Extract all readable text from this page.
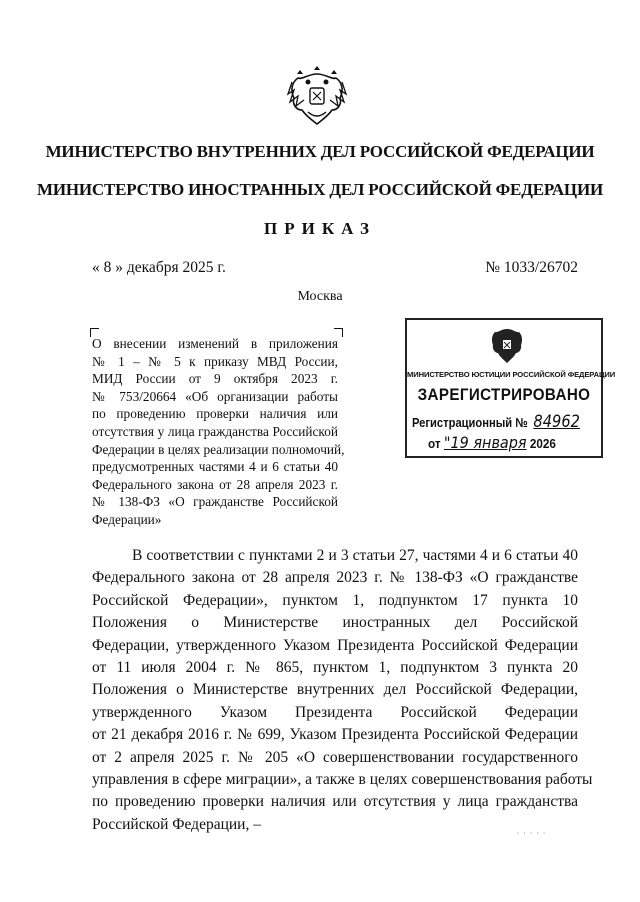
МИНИСТЕРСТВО ВНУТРЕННИХ ДЕЛ РОССИЙСКОЙ ФЕДЕРАЦИИ
МИНИСТЕРСТВО ИНОСТРАННЫХ ДЕЛ РОССИЙСКОЙ ФЕДЕРАЦИИ
ПРИКАЗ
« 8 » декабря 2025 г.	№ 1033/26702
Москва
О внесении изменений в приложения
№ 1 – № 5 к приказу МВД России,
МИД России от 9 октября 2023 г.
№ 753/20664 «Об организации работы
по проведению проверки наличия или
отсутствия у лица гражданства Российской
Федерации в целях реализации полномочий,
предусмотренных частями 4 и 6 статьи 40
Федерального закона от 28 апреля 2023 г.
№ 138-ФЗ «О гражданстве Российской
Федерации»
МИНИСТЕРСТВО ЮСТИЦИИ РОССИЙСКОЙ ФЕДЕРАЦИИ
ЗАРЕГИСТРИРОВАНО
Регистрационный № 84962
от "19 января 2026
В соответствии с пунктами 2 и 3 статьи 27, частями 4 и 6 статьи 40
Федерального закона от 28 апреля 2023 г. № 138-ФЗ «О гражданстве
Российской Федерации», пунктом 1, подпунктом 17 пункта 10
Положения о Министерстве иностранных дел Российской
Федерации, утвержденного Указом Президента Российской Федерации
от 11 июля 2004 г. № 865, пунктом 1, подпунктом 3 пункта 20
Положения о Министерстве внутренних дел Российской Федерации,
утвержденного Указом Президента Российской Федерации
от 21 декабря 2016 г. № 699, Указом Президента Российской Федерации
от 2 апреля 2025 г. № 205 «О совершенствовании государственного
управления в сфере миграции», а также в целях совершенствования работы
по проведению проверки наличия или отсутствия у лица гражданства
Российской Федерации, –
∙ ∙ ∙ ∙ ∙
